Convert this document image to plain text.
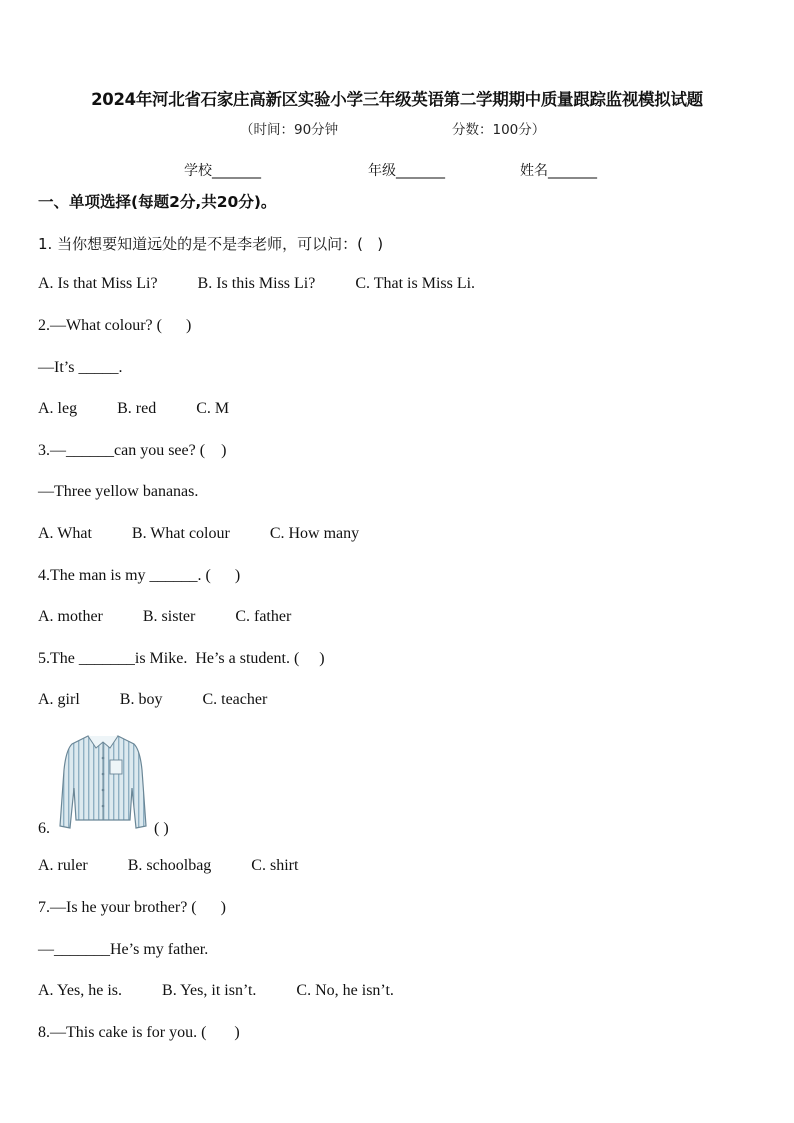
2024年河北省石家庄高新区实验小学三年级英语第二学期期中质量跟踪监视模拟试题
（时间：90分钟	分数：100分）
学校_______	年级_______	姓名_______
一、单项选择(每题2分,共20分)。
1. 当你想要知道远处的是不是李老师，可以问：(   )
A. Is that Miss Li?          B. Is this Miss Li?          C. That is Miss Li.
2.—What colour? (      )
—It’s _____.
A. leg          B. red          C. M
3.—______can you see? (    )
—Three yellow bananas.
A. What          B. What colour          C. How many
4.The man is my ______. (      )
A. mother          B. sister          C. father
5.The _______is Mike.  He’s a student. (     )
A. girl          B. boy          C. teacher
6.	( )
A. ruler          B. schoolbag          C. shirt
7.—Is he your brother? (      )
—_______He’s my father.
A. Yes, he is.          B. Yes, it isn’t.          C. No, he isn’t.
8.—This cake is for you. (       )
